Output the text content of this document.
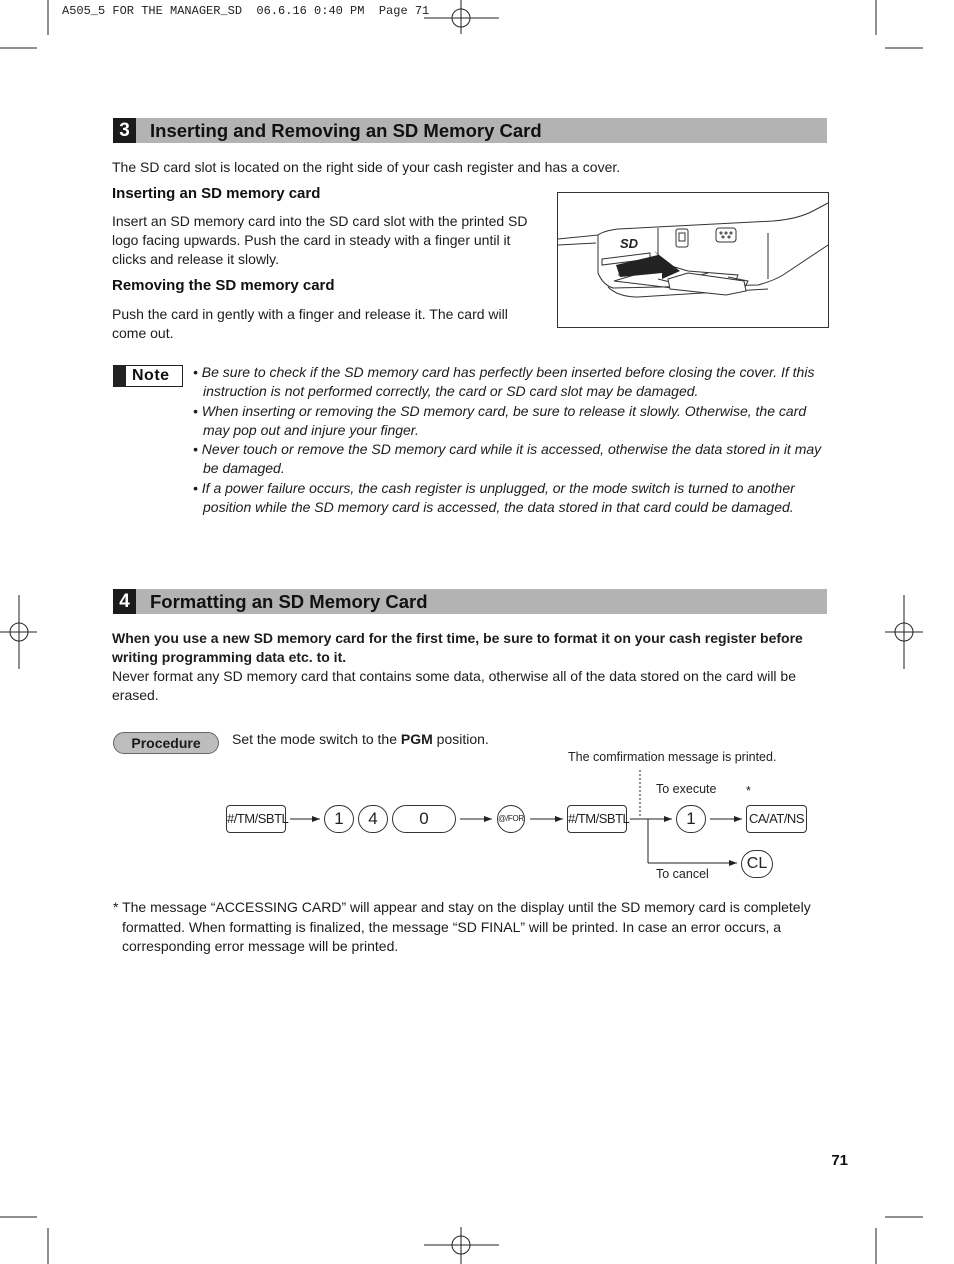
A505_5 FOR THE MANAGER_SD  06.6.16 0:40 PM  Page 71
3	Inserting and Removing an SD Memory Card
The SD card slot is located on the right side of your cash register and has a cover.
Inserting an SD memory card
Insert an SD memory card into the SD card slot with the printed SD logo facing upwards. Push the card in steady with a finger until it clicks and release it slowly.
Removing the SD memory card
Push the card in gently with a finger and release it. The card will come out.
SD
Note • Be sure to check if the SD memory card has perfectly been inserted before closing the cover. If this instruction is not performed correctly, the card or SD card slot may be damaged.
• When inserting or removing the SD memory card, be sure to release it slowly. Otherwise, the card may pop out and injure your finger.
• Never touch or remove the SD memory card while it is accessed, otherwise the data stored in it may be damaged.
• If a power failure occurs, the cash register is unplugged, or the mode switch is turned to another position while the SD memory card is accessed, the data stored in that card could be damaged.
4	Formatting an SD Memory Card
When you use a new SD memory card for the first time, be sure to format it on your cash register before writing programming data etc. to it.
Never format any SD memory card that contains some data, otherwise all of the data stored on the card will be erased.
Procedure	Set the mode switch to the PGM position.
The comfirmation message is printed.
To execute *
To cancel
#/TM/SBTL	1	4	0	@/FOR	#/TM/SBTL	1	CA/AT/NS
CL
* The message “ACCESSING CARD” will appear and stay on the display until the SD memory card is completely formatted. When formatting is finalized, the message “SD FINAL” will be printed. In case an error occurs, a corresponding error message will be printed.
71
